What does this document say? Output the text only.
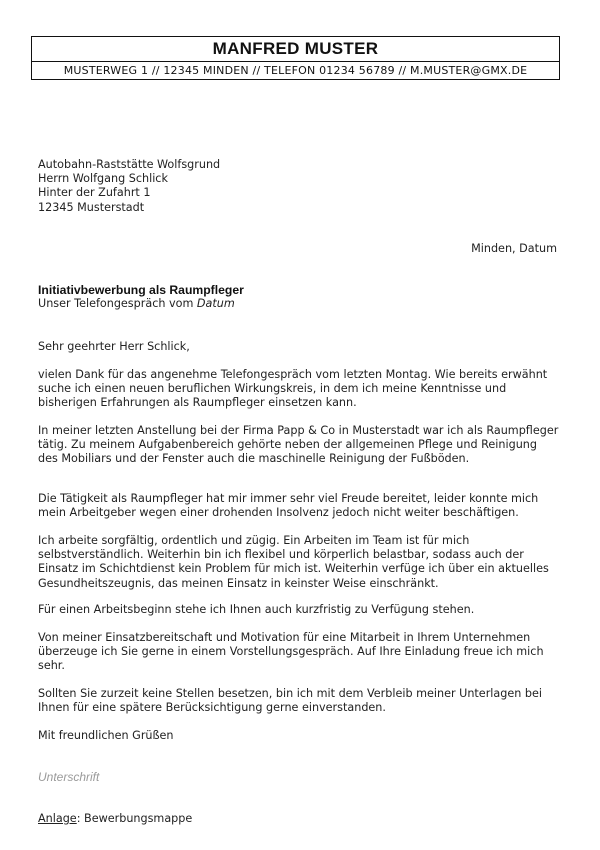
MANFRED MUSTER
MUSTERWEG 1 // 12345 MINDEN // TELEFON 01234 56789 // M.MUSTER@GMX.DE
Autobahn-Raststätte Wolfsgrund
Herrn Wolfgang Schlick
Hinter der Zufahrt 1
12345 Musterstadt
Minden, Datum
Initiativbewerbung als Raumpfleger
Unser Telefongespräch vom Datum

Sehr geehrter Herr Schlick,

vielen Dank für das angenehme Telefongespräch vom letzten Montag. Wie bereits erwähnt suche ich einen neuen beruflichen Wirkungskreis, in dem ich meine Kenntnisse und bisherigen Erfahrungen als Raumpfleger einsetzen kann.

In meiner letzten Anstellung bei der Firma Papp & Co in Musterstadt war ich als Raumpfleger tätig. Zu meinem Aufgabenbereich gehörte neben der allgemeinen Pflege und Reinigung des Mobiliars und der Fenster auch die maschinelle Reinigung der Fußböden.

Die Tätigkeit als Raumpfleger hat mir immer sehr viel Freude bereitet, leider konnte mich mein Arbeitgeber wegen einer drohenden Insolvenz jedoch nicht weiter beschäftigen.

Ich arbeite sorgfältig, ordentlich und zügig. Ein Arbeiten im Team ist für mich selbstverständlich. Weiterhin bin ich flexibel und körperlich belastbar, sodass auch der Einsatz im Schichtdienst kein Problem für mich ist. Weiterhin verfüge ich über ein aktuelles Gesundheitszeugnis, das meinen Einsatz in keinster Weise einschränkt.

Für einen Arbeitsbeginn stehe ich Ihnen auch kurzfristig zu Verfügung stehen.

Von meiner Einsatzbereitschaft und Motivation für eine Mitarbeit in Ihrem Unternehmen überzeuge ich Sie gerne in einem Vorstellungsgespräch. Auf Ihre Einladung freue ich mich sehr.

Sollten Sie zurzeit keine Stellen besetzen, bin ich mit dem Verbleib meiner Unterlagen bei Ihnen für eine spätere Berücksichtigung gerne einverstanden.

Mit freundlichen Grüßen

Unterschrift

Anlage: Bewerbungsmappe
